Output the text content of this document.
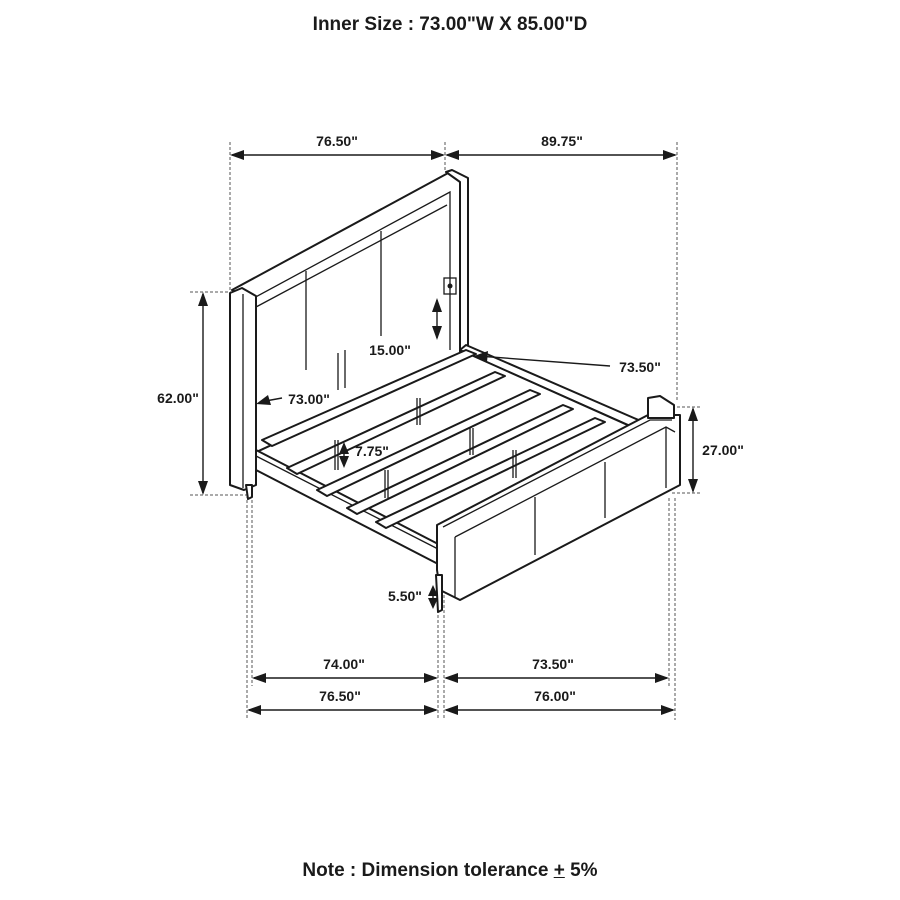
Inner Size : 73.00"W X 85.00"D
76.50"	89.75"
62.00"
27.00"
15.00"
73.50"
73.00"
7.75"
5.50"
74.00"	73.50"
76.50"	76.00"
Note : Dimension tolerance + 5%
